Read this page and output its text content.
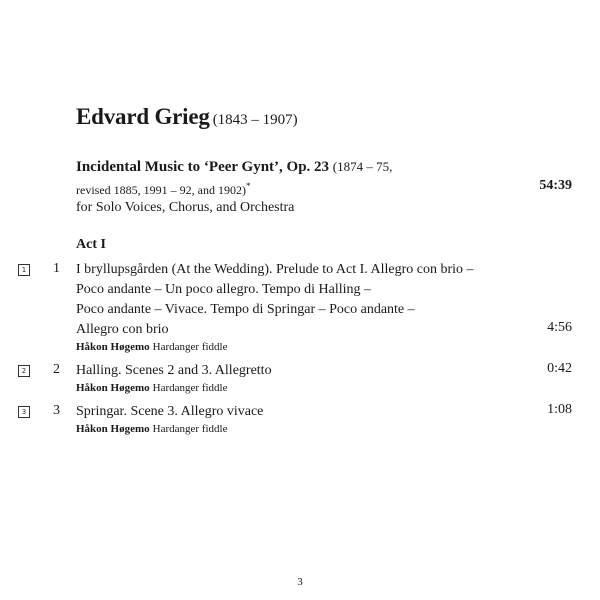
Edvard Grieg (1843 – 1907)
Incidental Music to ‘Peer Gynt’, Op. 23 (1874 – 75,
revised 1885, 1991 – 92, and 1902)*	54:39
for Solo Voices, Chorus, and Orchestra
Act I
1 1 I bryllupsgården (At the Wedding). Prelude to Act I. Allegro con brio –
Poco andante – Un poco allegro. Tempo di Halling –
Poco andante – Vivace. Tempo di Springar – Poco andante –
Allegro con brio	4:56
Håkon Høgemo Hardanger fiddle
2 2 Halling. Scenes 2 and 3. Allegretto	0:42
Håkon Høgemo Hardanger fiddle
3 3 Springar. Scene 3. Allegro vivace	1:08
Håkon Høgemo Hardanger fiddle
3
